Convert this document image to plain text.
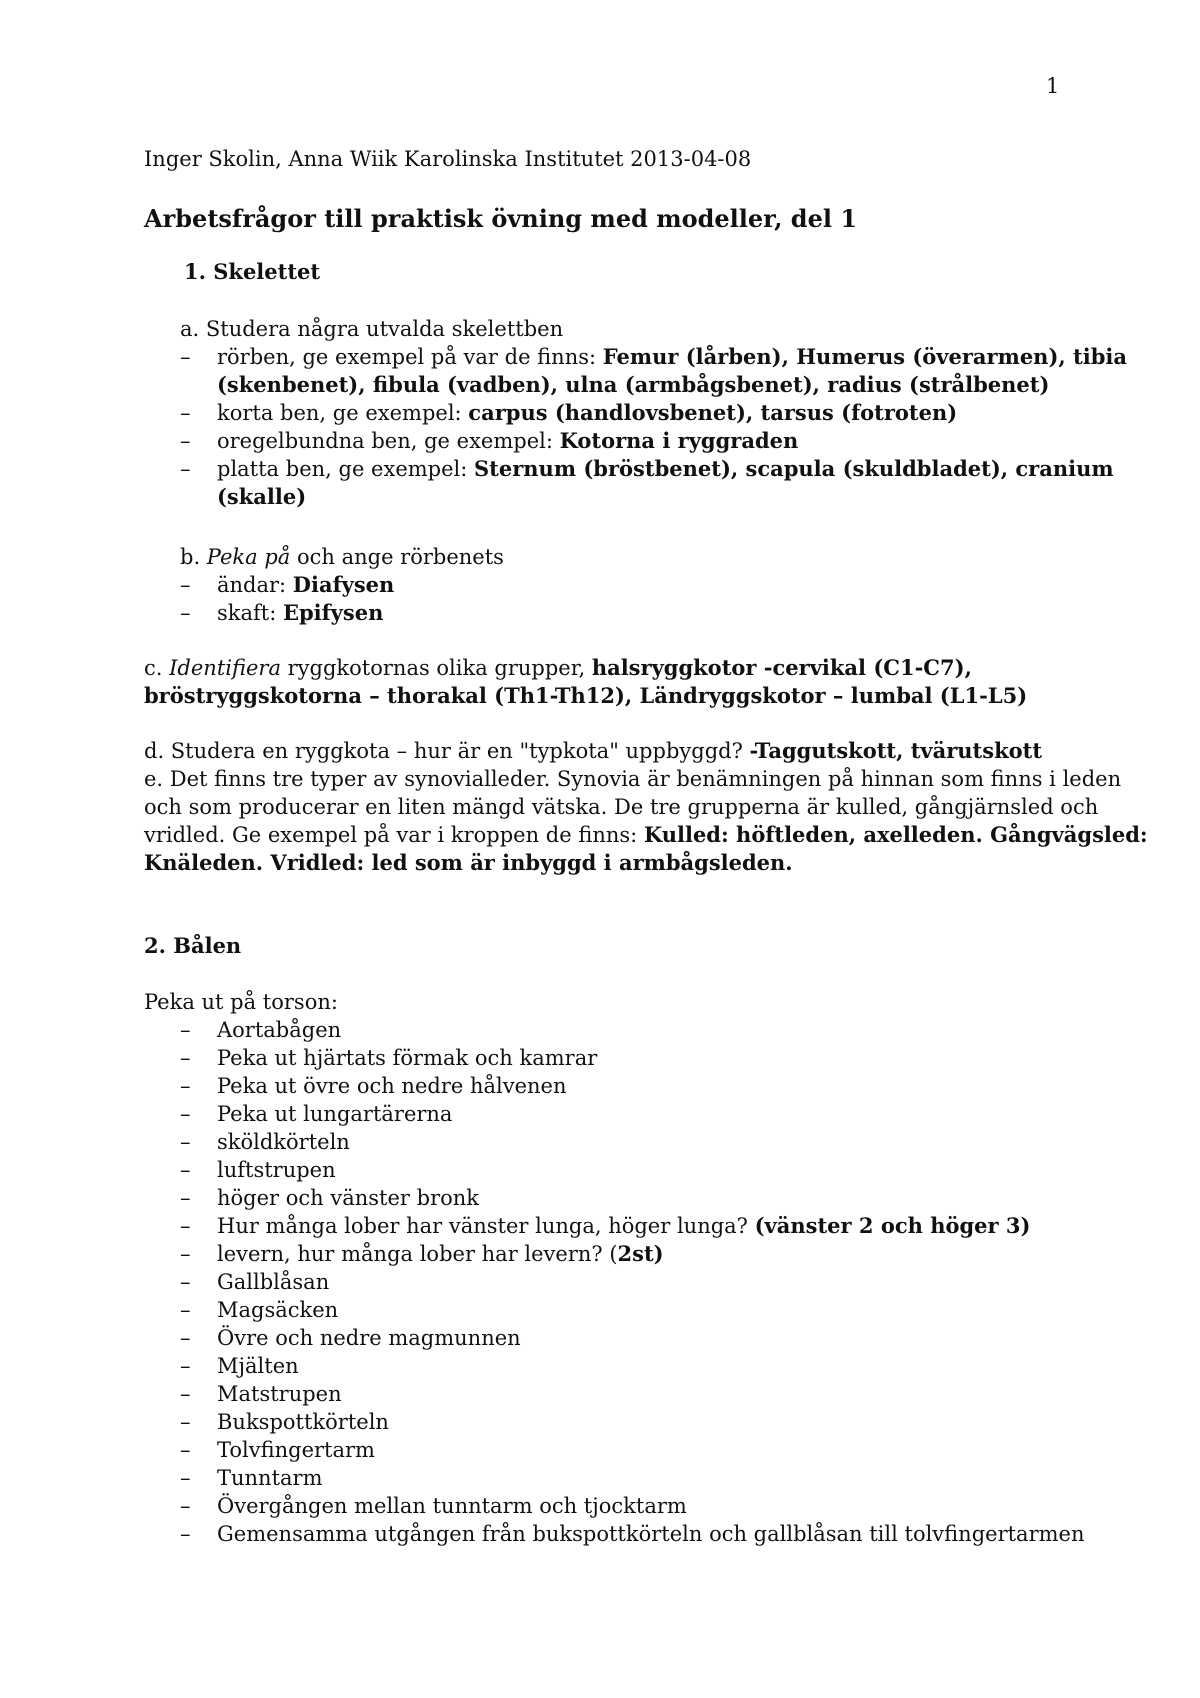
1
Inger Skolin, Anna Wiik Karolinska Institutet 2013-04-08
Arbetsfrågor till praktisk övning med modeller, del 1
1. Skelettet
a. Studera några utvalda skelettben
–	rörben, ge exempel på var de finns: Femur (lårben), Humerus (överarmen), tibia
(skenbenet), fibula (vadben), ulna (armbågsbenet), radius (strålbenet)
–	korta ben, ge exempel: carpus (handlovsbenet), tarsus (fotroten)
–	oregelbundna ben, ge exempel: Kotorna i ryggraden
–	platta ben, ge exempel: Sternum (bröstbenet), scapula (skuldbladet), cranium
(skalle)
b. Peka på och ange rörbenets
–	ändar: Diafysen
–	skaft: Epifysen
c. Identifiera ryggkotornas olika grupper, halsryggkotor -cervikal (C1-C7),
bröstryggskotorna – thorakal (Th1-Th12), Ländryggskotor – lumbal (L1-L5)
d. Studera en ryggkota – hur är en "typkota" uppbyggd? -Taggutskott, tvärutskott
e. Det finns tre typer av synovialleder. Synovia är benämningen på hinnan som finns i leden
och som producerar en liten mängd vätska. De tre grupperna är kulled, gångjärnsled och
vridled. Ge exempel på var i kroppen de finns: Kulled: höftleden, axelleden. Gångvägsled:
Knäleden. Vridled: led som är inbyggd i armbågsleden.
2. Bålen
Peka ut på torson:
–	Aortabågen
–	Peka ut hjärtats förmak och kamrar
–	Peka ut övre och nedre hålvenen
–	Peka ut lungartärerna
–	sköldkörteln
–	luftstrupen
–	höger och vänster bronk
–	Hur många lober har vänster lunga, höger lunga? (vänster 2 och höger 3)
–	levern, hur många lober har levern? (2st)
–	Gallblåsan
–	Magsäcken
–	Övre och nedre magmunnen
–	Mjälten
–	Matstrupen
–	Bukspottkörteln
–	Tolvfingertarm
–	Tunntarm
–	Övergången mellan tunntarm och tjocktarm
–	Gemensamma utgången från bukspottkörteln och gallblåsan till tolvfingertarmen
